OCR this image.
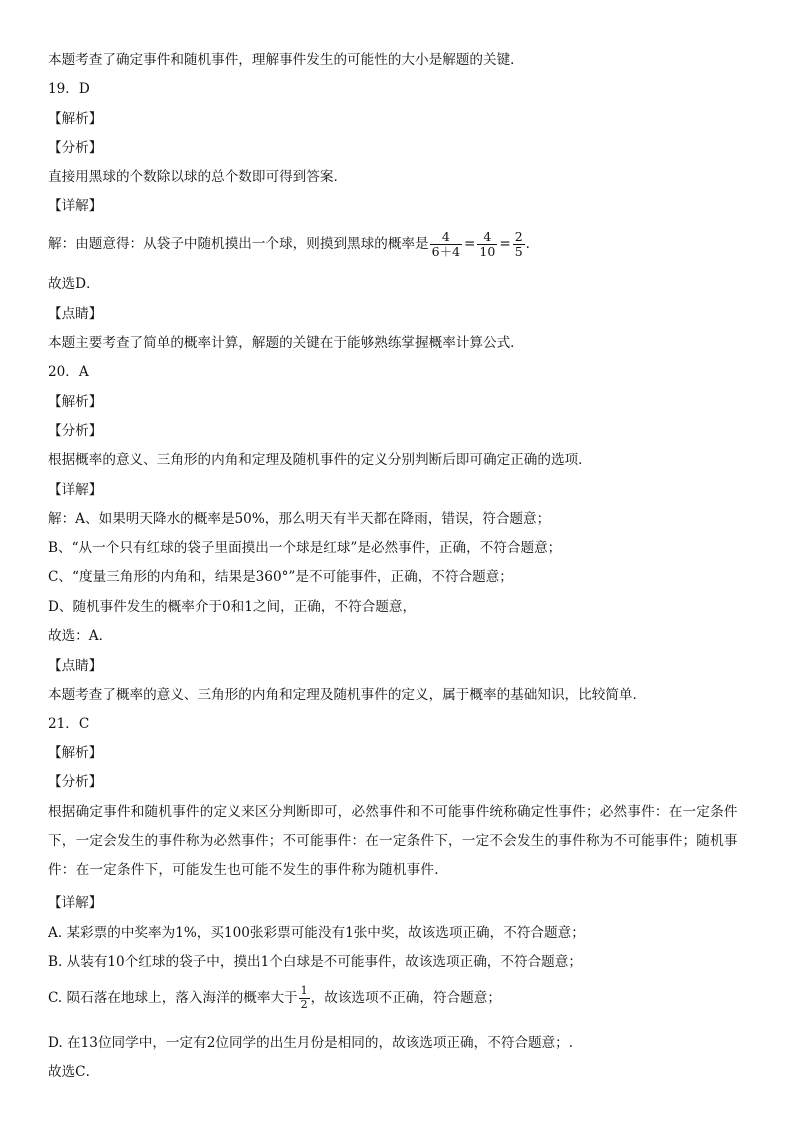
本题考查了确定事件和随机事件，理解事件发生的可能性的大小是解题的关键．
19．D
【解析】
【分析】
直接用黑球的个数除以球的总个数即可得到答案．
【详解】
解：由题意得：从袋子中随机摸出一个球，则摸到黑球的概率是 $\frac{4}{6+4} = \frac{4}{10} = \frac{2}{5}$ ．
故选D．
【点睛】
本题主要考查了简单的概率计算，解题的关键在于能够熟练掌握概率计算公式．
20．A
【解析】
【分析】
根据概率的意义、三角形的内角和定理及随机事件的定义分别判断后即可确定正确的选项．
【详解】
解：A、如果明天降水的概率是50%，那么明天有半天都在降雨，错误，符合题意；
B、“从一个只有红球的袋子里面摸出一个球是红球”是必然事件，正确，不符合题意；
C、“度量三角形的内角和，结果是360°”是不可能事件，正确，不符合题意；
D、随机事件发生的概率介于0和1之间，正确，不符合题意，
故选：A．
【点睛】
本题考查了概率的意义、三角形的内角和定理及随机事件的定义，属于概率的基础知识，比较简单．
21．C
【解析】
【分析】
根据确定事件和随机事件的定义来区分判断即可，必然事件和不可能事件统称确定性事件；必然事件：在一定条件下，一定会发生的事件称为必然事件；不可能事件：在一定条件下，一定不会发生的事件称为不可能事件；随机事件：在一定条件下，可能发生也可能不发生的事件称为随机事件.
【详解】
A. 某彩票的中奖率为1%，买100张彩票可能没有1张中奖，故该选项正确，不符合题意；
B. 从装有10个红球的袋子中，摸出1个白球是不可能事件，故该选项正确，不符合题意；
C. 陨石落在地球上，落入海洋的概率大于 $\frac{1}{2}$ ，故该选项不正确，符合题意；
D. 在13位同学中，一定有2位同学的出生月份是相同的，故该选项正确，不符合题意；.
故选C．
